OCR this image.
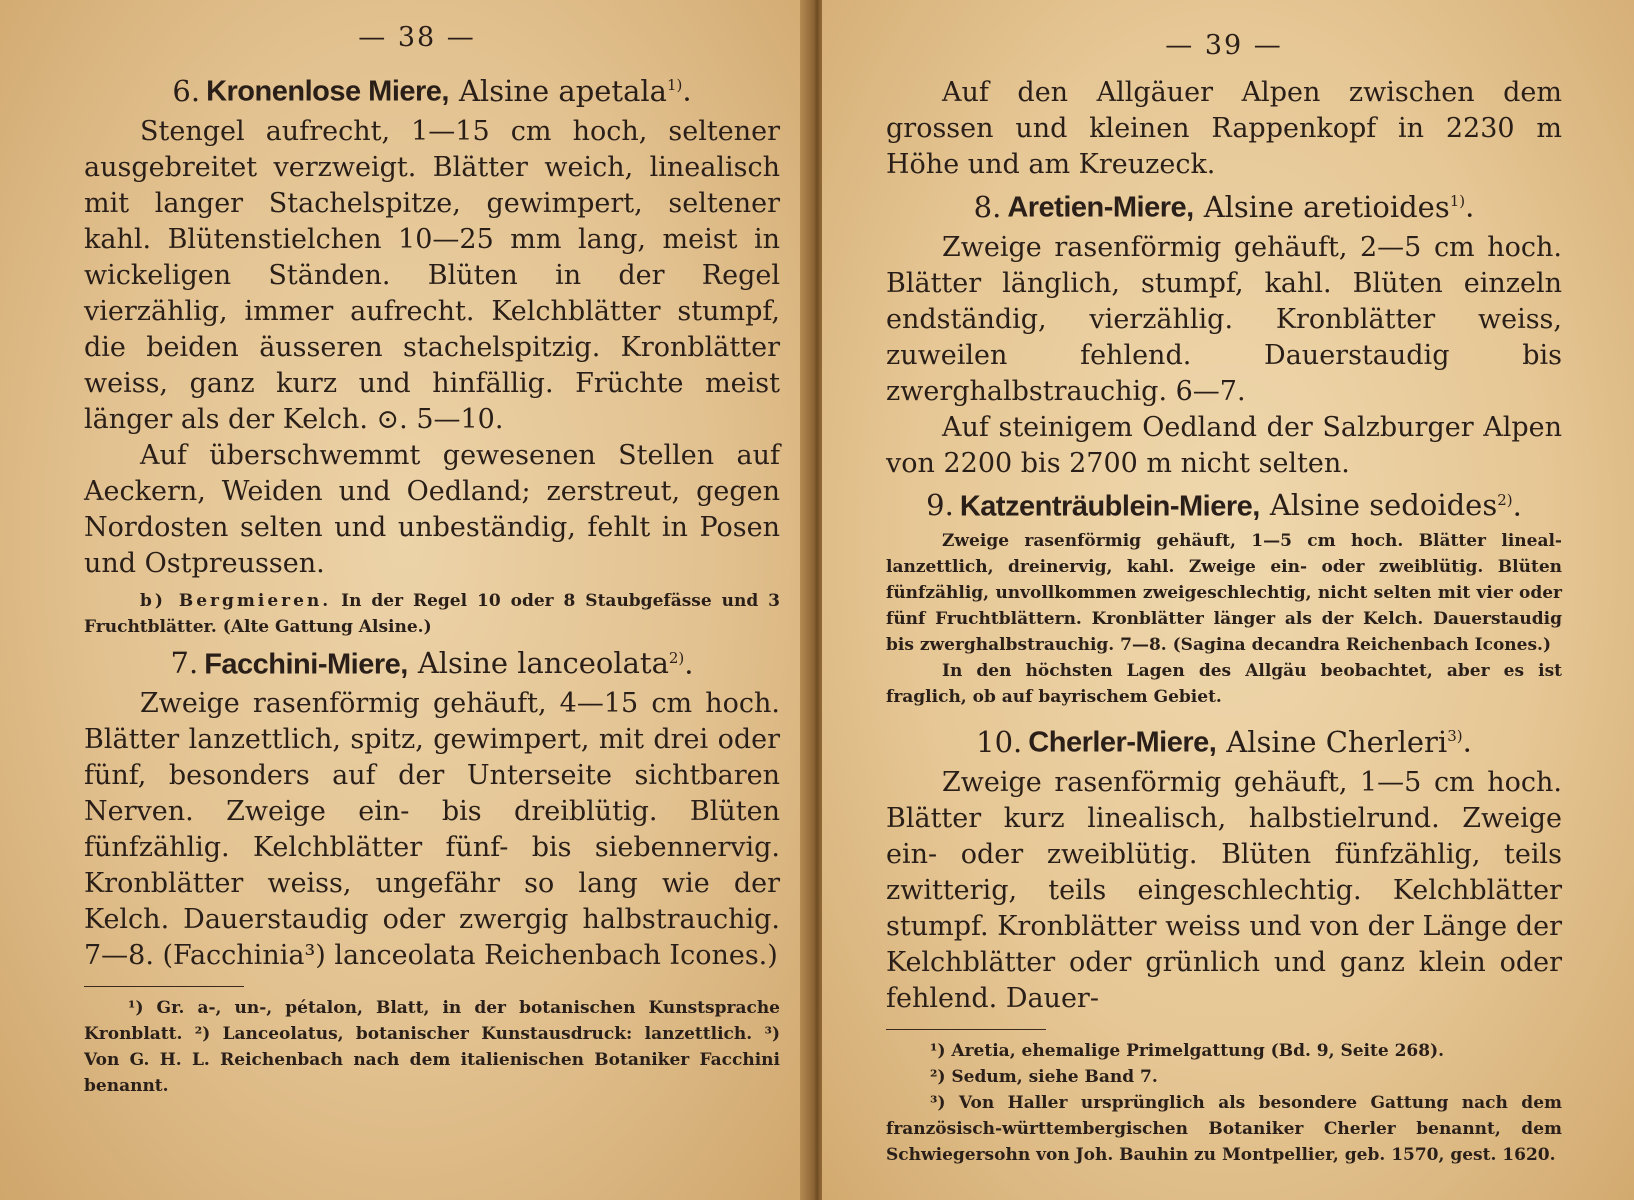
— 38 —
6. Kronenlose Miere, Alsine apetala$^{1)}$.

Stengel aufrecht, 1—15 cm hoch, seltener ausgebreitet verzweigt. Blätter weich, linealisch mit langer Stachelspitze, gewimpert, seltener kahl. Blütenstielchen 10—25 mm lang, meist in wickeligen Ständen. Blüten in der Regel vierzählig, immer aufrecht. Kelchblätter stumpf, die beiden äusseren stachelspitzig. Kronblätter weiss, ganz kurz und hinfällig. Früchte meist länger als der Kelch. ⊙. 5—10.

Auf überschwemmt gewesenen Stellen auf Aeckern, Weiden und Oedland; zerstreut, gegen Nordosten selten und unbeständig, fehlt in Posen und Ostpreussen.

b) Bergmieren. In der Regel 10 oder 8 Staubgefässe und 3 Fruchtblätter. (Alte Gattung Alsine.)

7. Facchini-Miere, Alsine lanceolata$^{2)}$.

Zweige rasenförmig gehäuft, 4—15 cm hoch. Blätter lanzettlich, spitz, gewimpert, mit drei oder fünf, besonders auf der Unterseite sichtbaren Nerven. Zweige ein- bis dreiblütig. Blüten fünfzählig. Kelchblätter fünf- bis siebennervig. Kronblätter weiss, ungefähr so lang wie der Kelch. Dauerstaudig oder zwergig halbstrauchig. 7—8. (Facchinia³) lanceolata Reichenbach Icones.)

¹) Gr. a-, un-, pétalon, Blatt, in der botanischen Kunstsprache Kronblatt. ²) Lanceolatus, botanischer Kunstausdruck: lanzettlich. ³) Von G. H. L. Reichenbach nach dem italienischen Botaniker Facchini benannt.

— 39 —

Auf den Allgäuer Alpen zwischen dem grossen und kleinen Rappenkopf in 2230 m Höhe und am Kreuzeck.

8. Aretien-Miere, Alsine aretioides$^{1)}$.

Zweige rasenförmig gehäuft, 2—5 cm hoch. Blätter länglich, stumpf, kahl. Blüten einzeln endständig, vierzählig. Kronblätter weiss, zuweilen fehlend. Dauerstaudig bis zwerghalbstrauchig. 6—7.

Auf steinigem Oedland der Salzburger Alpen von 2200 bis 2700 m nicht selten.

9. Katzenträublein-Miere, Alsine sedoides$^{2)}$.

Zweige rasenförmig gehäuft, 1—5 cm hoch. Blätter lineal-lanzettlich, dreinervig, kahl. Zweige ein- oder zweiblütig. Blüten fünfzählig, unvollkommen zweigeschlechtig, nicht selten mit vier oder fünf Fruchtblättern. Kronblätter länger als der Kelch. Dauerstaudig bis zwerghalbstrauchig. 7—8. (Sagina decandra Reichenbach Icones.)

In den höchsten Lagen des Allgäu beobachtet, aber es ist fraglich, ob auf bayrischem Gebiet.

10. Cherler-Miere, Alsine Cherleri$^{3)}$.

Zweige rasenförmig gehäuft, 1—5 cm hoch. Blätter kurz linealisch, halbstielrund. Zweige ein- oder zweiblütig. Blüten fünfzählig, teils zwitterig, teils eingeschlechtig. Kelchblätter stumpf. Kronblätter weiss und von der Länge der Kelchblätter oder grünlich und ganz klein oder fehlend. Dauer-

¹) Aretia, ehemalige Primelgattung (Bd. 9, Seite 268).

²) Sedum, siehe Band 7.

³) Von Haller ursprünglich als besondere Gattung nach dem französisch-württembergischen Botaniker Cherler benannt, dem Schwiegersohn von Joh. Bauhin zu Montpellier, geb. 1570, gest. 1620.
